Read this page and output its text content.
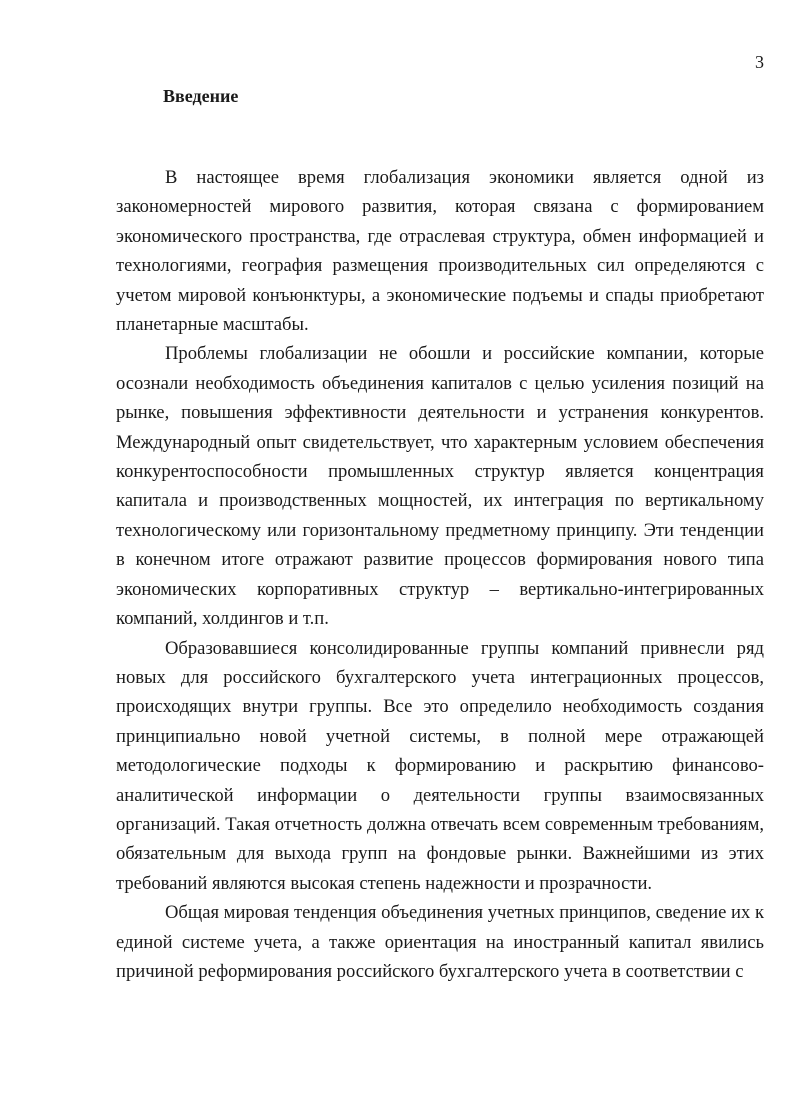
3
Введение

В настоящее время глобализация экономики является одной из закономерностей мирового развития, которая связана с формированием экономического пространства, где отраслевая структура, обмен информацией и технологиями, география размещения производительных сил определяются с учетом мировой конъюнктуры, а экономические подъемы и спады приобретают планетарные масштабы.

Проблемы глобализации не обошли и российские компании, которые осознали необходимость объединения капиталов с целью усиления позиций на рынке, повышения эффективности деятельности и устранения конкурентов. Международный опыт свидетельствует, что характерным условием обеспечения конкурентоспособности промышленных структур является концентрация капитала и производственных мощностей, их интеграция по вертикальному технологическому или горизонтальному предметному принципу. Эти тенденции в конечном итоге отражают развитие процессов формирования нового типа экономических корпоративных структур – вертикально-интегрированных компаний, холдингов и т.п.

Образовавшиеся консолидированные группы компаний привнесли ряд новых для российского бухгалтерского учета интеграционных процессов, происходящих внутри группы. Все это определило необходимость создания принципиально новой учетной системы, в полной мере отражающей методологические подходы к формированию и раскрытию финансово-аналитической информации о деятельности группы взаимосвязанных организаций. Такая отчетность должна отвечать всем современным требованиям, обязательным для выхода групп на фондовые рынки. Важнейшими из этих требований являются высокая степень надежности и прозрачности.

Общая мировая тенденция объединения учетных принципов, сведение их к единой системе учета, а также ориентация на иностранный капитал явились причиной реформирования российского бухгалтерского учета в соответствии с
